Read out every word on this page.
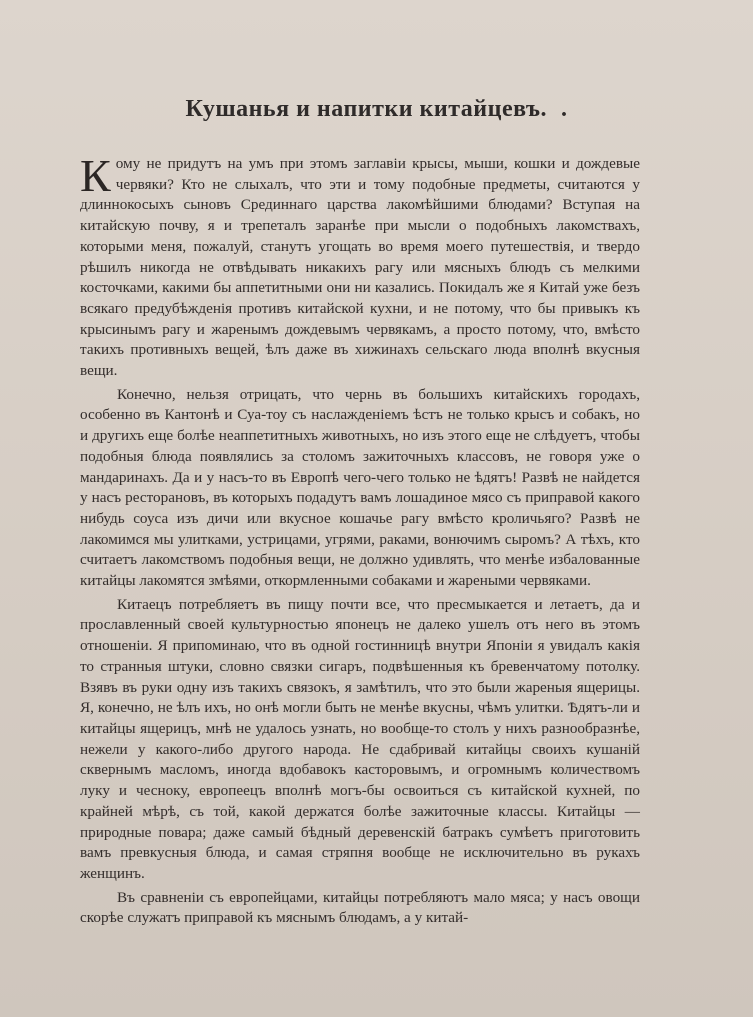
Кушанья и напитки китайцевъ. .

Кому не придутъ на умъ при этомъ заглавіи крысы, мыши, кошки и дождевые червяки? Кто не слыхалъ, что эти и тому подобные предметы, считаются у длиннокосыхъ сыновъ Срединнаго царства лакомѣйшими блюдами? Вступая на китайскую почву, я и трепеталъ заранѣе при мысли о подобныхъ лакомствахъ, которыми меня, пожалуй, станутъ угощать во время моего путешествія, и твердо рѣшилъ никогда не отвѣдывать никакихъ рагу или мясныхъ блюдъ съ мелкими косточками, какими бы аппетитными они ни казались. Покидалъ же я Китай уже безъ всякаго предубѣжденія противъ китайской кухни, и не потому, что бы привыкъ къ крысинымъ рагу и жаренымъ дождевымъ червякамъ, а просто потому, что, вмѣсто такихъ противныхъ вещей, ѣлъ даже въ хижинахъ сельскаго люда вполнѣ вкусныя вещи.

Конечно, нельзя отрицать, что чернь въ большихъ китайскихъ городахъ, особенно въ Кантонѣ и Суа-тоу съ наслажденіемъ ѣстъ не только крысъ и собакъ, но и другихъ еще болѣе неаппетитныхъ животныхъ, но изъ этого еще не слѣдуетъ, чтобы подобныя блюда появлялись за столомъ зажиточныхъ классовъ, не говоря уже о мандаринахъ. Да и у насъ-то въ Европѣ чего-чего только не ѣдятъ! Развѣ не найдется у насъ ресторановъ, въ которыхъ подадутъ вамъ лошадиное мясо съ приправой какого нибудь соуса изъ дичи или вкусное кошачье рагу вмѣсто кроличьяго? Развѣ не лакомимся мы улитками, устрицами, угрями, раками, вонючимъ сыромъ? А тѣхъ, кто считаетъ лакомствомъ подобныя вещи, не должно удивлять, что менѣе избалованные китайцы лакомятся змѣями, откормленными собаками и жареными червяками.

Китаецъ потребляетъ въ пищу почти все, что пресмыкается и летаетъ, да и прославленный своей культурностью японецъ не далеко ушелъ отъ него въ этомъ отношеніи. Я припоминаю, что въ одной гостинницѣ внутри Японіи я увидалъ какія то странныя штуки, словно связки сигаръ, подвѣшенныя къ бревенчатому потолку. Взявъ въ руки одну изъ такихъ связокъ, я замѣтилъ, что это были жареныя ящерицы. Я, конечно, не ѣлъ ихъ, но онѣ могли быть не менѣе вкусны, чѣмъ улитки. Ѣдятъ-ли и китайцы ящерицъ, мнѣ не удалось узнать, но вообще-то столъ у нихъ разнообразнѣе, нежели у какого-либо другого народа. Не сдабривай китайцы своихъ кушаній сквернымъ масломъ, иногда вдобавокъ касторовымъ, и огромнымъ количествомъ луку и чесноку, европеецъ вполнѣ могъ-бы освоиться съ китайской кухней, по крайней мѣрѣ, съ той, какой держатся болѣе зажиточные классы. Китайцы — природные повара; даже самый бѣдный деревенскій батракъ сумѣетъ приготовить вамъ превкусныя блюда, и самая стряпня вообще не исключительно въ рукахъ женщинъ.

Въ сравненіи съ европейцами, китайцы потребляютъ мало мяса; у насъ овощи скорѣе служатъ приправой къ мяснымъ блюдамъ, а у китай-
